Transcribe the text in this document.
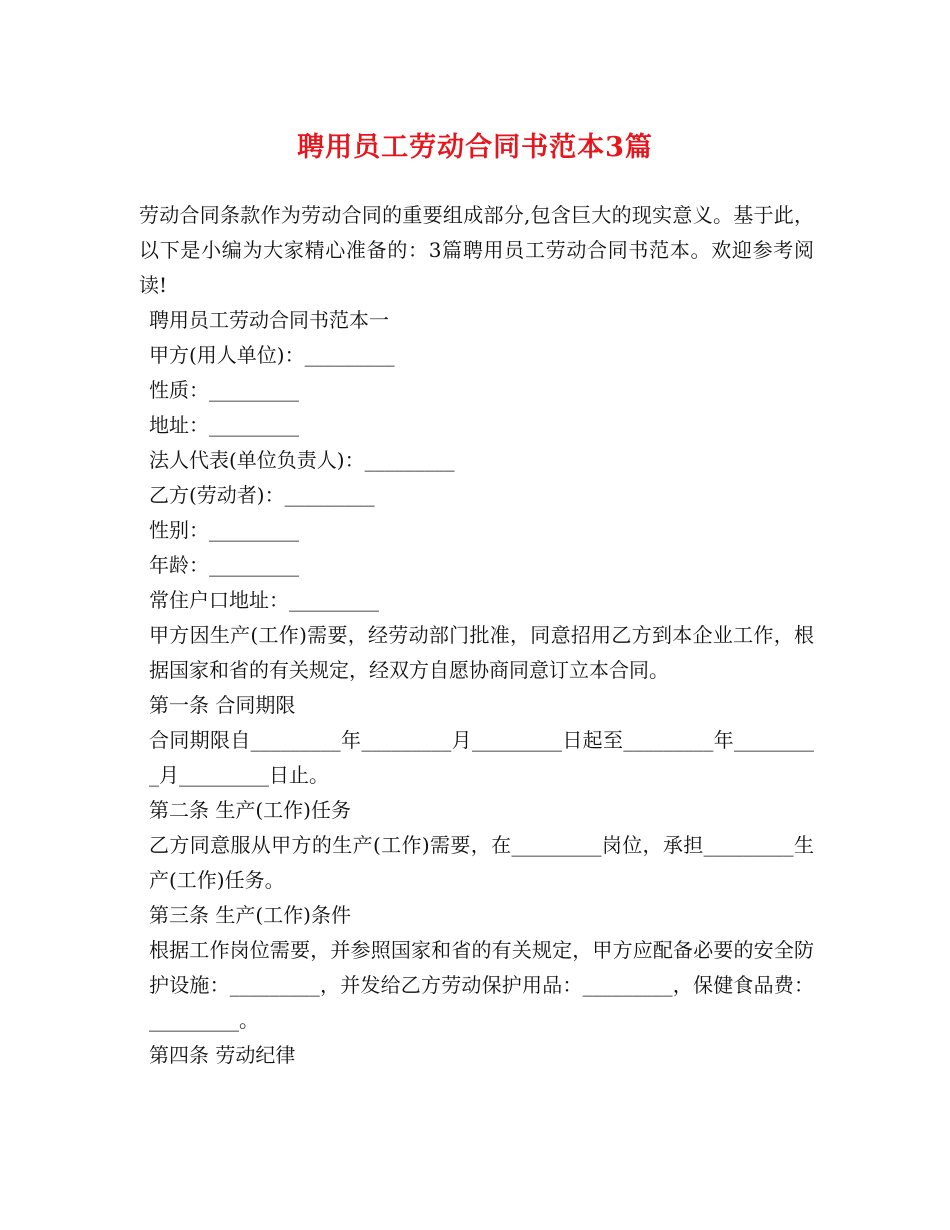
聘用员工劳动合同书范本3篇

劳动合同条款作为劳动合同的重要组成部分,包含巨大的现实意义。基于此，以下是小编为大家精心准备的：3篇聘用员工劳动合同书范本。欢迎参考阅读!

聘用员工劳动合同书范本一

甲方(用人单位)：_________

性质：_________

地址：_________

法人代表(单位负责人)：_________

乙方(劳动者)：_________

性别：_________

年龄：_________

常住户口地址：_________

甲方因生产(工作)需要，经劳动部门批准，同意招用乙方到本企业工作，根据国家和省的有关规定，经双方自愿协商同意订立本合同。

第一条 合同期限

合同期限自_________年_________月_________日起至_________年_________月_________日止。

第二条 生产(工作)任务

乙方同意服从甲方的生产(工作)需要，在_________岗位，承担_________生产(工作)任务。

第三条 生产(工作)条件

根据工作岗位需要，并参照国家和省的有关规定，甲方应配备必要的安全防护设施：_________，并发给乙方劳动保护用品：_________，保健食品费：_________。

第四条 劳动纪律
